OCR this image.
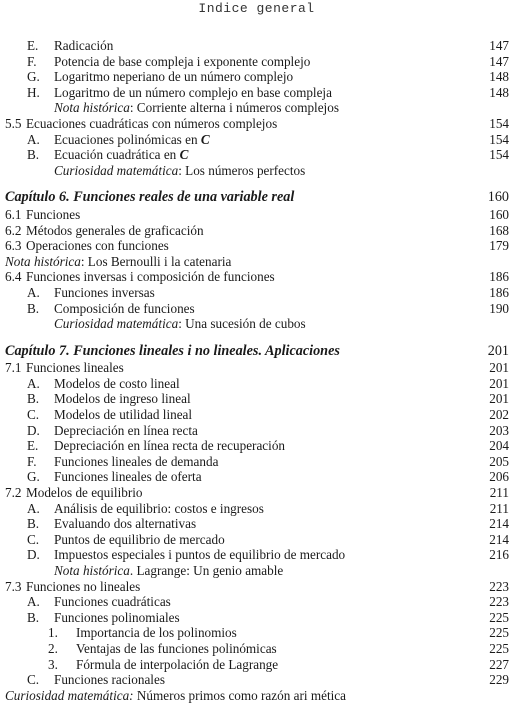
Indice general
E. Radicación	147
F. Potencia de base compleja i exponente complejo	147
G. Logaritmo neperiano de un número complejo	148
H. Logaritmo de un número complejo en base compleja	148
Nota histórica: Corriente alterna i números complejos
5.5 Ecuaciones cuadráticas con números complejos	154
A. Ecuaciones polinómicas en C	154
B. Ecuación cuadrática en C	154
Curiosidad matemática: Los números perfectos
Capítulo 6. Funciones reales de una variable real	160
6.1 Funciones	160
6.2 Métodos generales de graficación	168
6.3 Operaciones con funciones	179
Nota histórica: Los Bernoulli i la catenaria
6.4 Funciones inversas i composición de funciones	186
A. Funciones inversas	186
B. Composición de funciones	190
Curiosidad matemática: Una sucesión de cubos
Capítulo 7. Funciones lineales i no lineales. Aplicaciones	201
7.1 Funciones lineales	201
A. Modelos de costo lineal	201
B. Modelos de ingreso lineal	201
C. Modelos de utilidad lineal	202
D. Depreciación en línea recta	203
E. Depreciación en línea recta de recuperación	204
F. Funciones lineales de demanda	205
G. Funciones lineales de oferta	206
7.2 Modelos de equilibrio	211
A. Análisis de equilibrio: costos e ingresos	211
B. Evaluando dos alternativas	214
C. Puntos de equilibrio de mercado	214
D. Impuestos especiales i puntos de equilibrio de mercado	216
Nota histórica. Lagrange: Un genio amable
7.3 Funciones no lineales	223
A. Funciones cuadráticas	223
B. Funciones polinomiales	225
1. Importancia de los polinomios	225
2. Ventajas de las funciones polinómicas	225
3. Fórmula de interpolación de Lagrange	227
C. Funciones racionales	229
Curiosidad matemática: Números primos como razón ari mética
